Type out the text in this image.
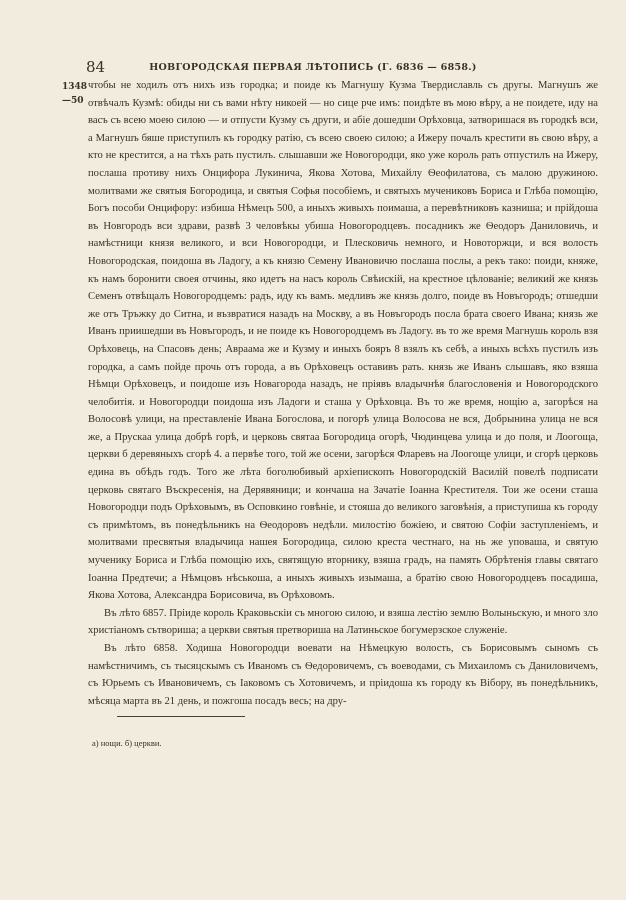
84	НОВГОРОДСКАЯ ПЕРВАЯ ЛѢТОПИСЬ (Г. 6836 — 6858.)
1348
—50

чтобы не ходилъ отъ нихъ изъ городка; и поиде къ Магнушу Кузма Твердиславль съ другы. Магнушъ же отвѣчалъ Кузмѣ: обиды ни съ вами нѣту никоей — но сице рче имъ: поидѣте въ мою вѣру, а не поидете, иду на васъ съ всею моею силою — и отпусти Кузму съ други, и абіе дошедши Орѣховца, затворишася въ городкѣ вси, а Магнушъ бяше приступилъ къ городку ратію, съ всею своею силою; а Ижеру почалъ крестити въ свою вѣру, а кто не крестится, а на тѣхъ рать пустилъ. слышавши же Новогородци, яко уже король рать отпустилъ на Ижеру, послаша противу нихъ Онцифора Лукинича, Якова Хотова, Михайлу Ѳеофилатова, съ малою дружиною. молитвами же святыя Богородица, и святыя Софья пособіемъ, и святыхъ мучениковъ Бориса и Глѣба помощію, Богъ пособи Онцифору: избиша Нѣмецъ 500, а иныхъ живыхъ поимаша, а перевѣтниковъ казниша; и прійдоша въ Новгородъ вси здрави, развѣ 3 человѣкы убиша Новогородцевъ. посадникъ же Ѳеодоръ Даниловичь, и намѣстници князя великого, и вси Новогородци, и Плесковичь немного, и Новоторжци, и вся волость Новогородская, поидоша въ Ладогу, а къ князю Семену Ивановичю послаша послы, а рекъ тако: поиди, княже, къ намъ боронити своея отчины, яко идетъ на насъ король Свѣискій, на крестное цѣлованіе; великий же князь Семенъ отвѣщалъ Новогородцемъ: радъ, иду къ вамъ. медливъ же князь долго, поиде въ Новъгородъ; отшедши же отъ Тръжку до Ситна, и възвратися назадъ на Москву, а въ Новъгородъ посла брата своего Ивана; князь же Иванъ приишедши въ Новъгородъ, и не поиде къ Новогородцемъ въ Ладогу. въ то же время Магнушь король взя Орѣховець, на Спасовъ день; Авраама же и Кузму и иныхъ бояръ 8 взялъ къ себѣ, а иныхъ всѣхъ пустилъ изъ городка, а самъ пойде прочь отъ города, а въ Орѣховецъ оставивъ рать. князь же Иванъ слышавъ, яко взяша Нѣмци Орѣховецъ, и поидоше изъ Новагорода назадъ, не прiявъ владычнѣя благословенія и Новогородского челобитія. и Новогородци поидоша изъ Ладоги и сташа у Орѣховца. Въ то же время, нощію а, загорѣся на Волосовѣ улици, на преставленіе Ивана Богослова, и погорѣ улица Волосова не вся, Добрынина улица не вся же, а Прускаа улица добрѣ горѣ, и церковь святаа Богородица огорѣ, Чюдинцева улица и до поля, и Лоогоща, церкви б деревяныхъ сгорѣ 4. а первѣе того, той же осени, загорѣся Фларевъ на Лоогоще улици, и сгорѣ церковь едина въ обѣдъ годъ. Того же лѣта боголюбивый архіепископъ Новогородскій Василій повелѣ подписати церковь святаго Въскресенія, на Дерявяници; и кончаша на Зачатіе Іоанна Крестителя. Тои же осени сташа Новогородци подъ Орѣховымъ, въ Осповкино говѣніе, и стояша до великого заговѣнія, а приступиша къ городу съ примѣтомъ, въ понедѣльникъ на Ѳеодоровъ недѣли. милостію божіею, и святою Софіи заступленіемъ, и молитвами пресвятыя владычица нашея Богородица, силою креста честнаго, на нь же уповаша, и святую мученику Бориса и Глѣба помощію ихъ, святящую вторнику, взяша градъ, на память Обрѣтенія главы святаго Іоанна Предтечи; а Нѣмцовъ нѣськоша, а иныхъ живыхъ изымаша, а братію свою Новогородцевъ посадиша, Якова Хотова, Александра Борисовича, въ Орѣховомъ.

Въ лѣто 6857. Прiиде король Краковьскiи съ многою силою, и взяша лестiю землю Волыньскую, и много зло христіаномъ сътвориша; а церкви святыя претвориша на Латиньское богумерзское служеніе.

Въ лѣто 6858. Ходиша Новогородци воевати на Нѣмецкую волость, съ Борисовымъ сыномъ съ намѣстничимъ, съ тысяцскымъ съ Иваномъ съ Ѳедоровичемъ, съ воеводами, съ Михаиломъ съ Даниловичемъ, съ Юрьемъ съ Ивановичемъ, съ Іаковомъ съ Хотовичемъ, и прiидоша къ городу къ Вібору, въ понедѣльникъ, мѣсяца марта въ 21 день, и пожгоша посадъ весь; на дру-

а) нощи. б) церкви.
